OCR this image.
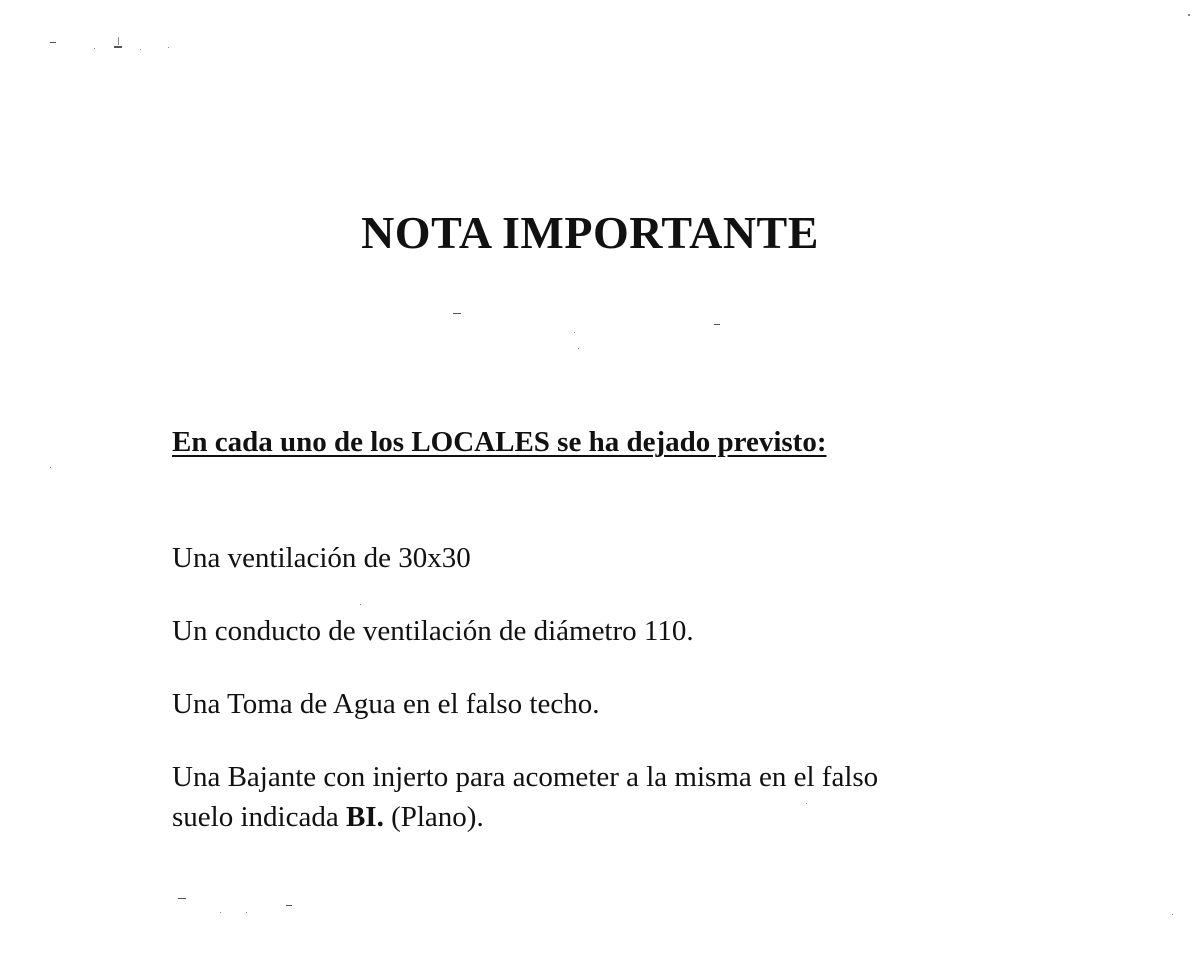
NOTA IMPORTANTE
En cada uno de los LOCALES se ha dejado previsto:

Una ventilación de 30x30

Un conducto de ventilación de diámetro 110.

Una Toma de Agua en el falso techo.

Una Bajante con injerto para acometer a la misma en el falso
suelo indicada BI. (Plano).
